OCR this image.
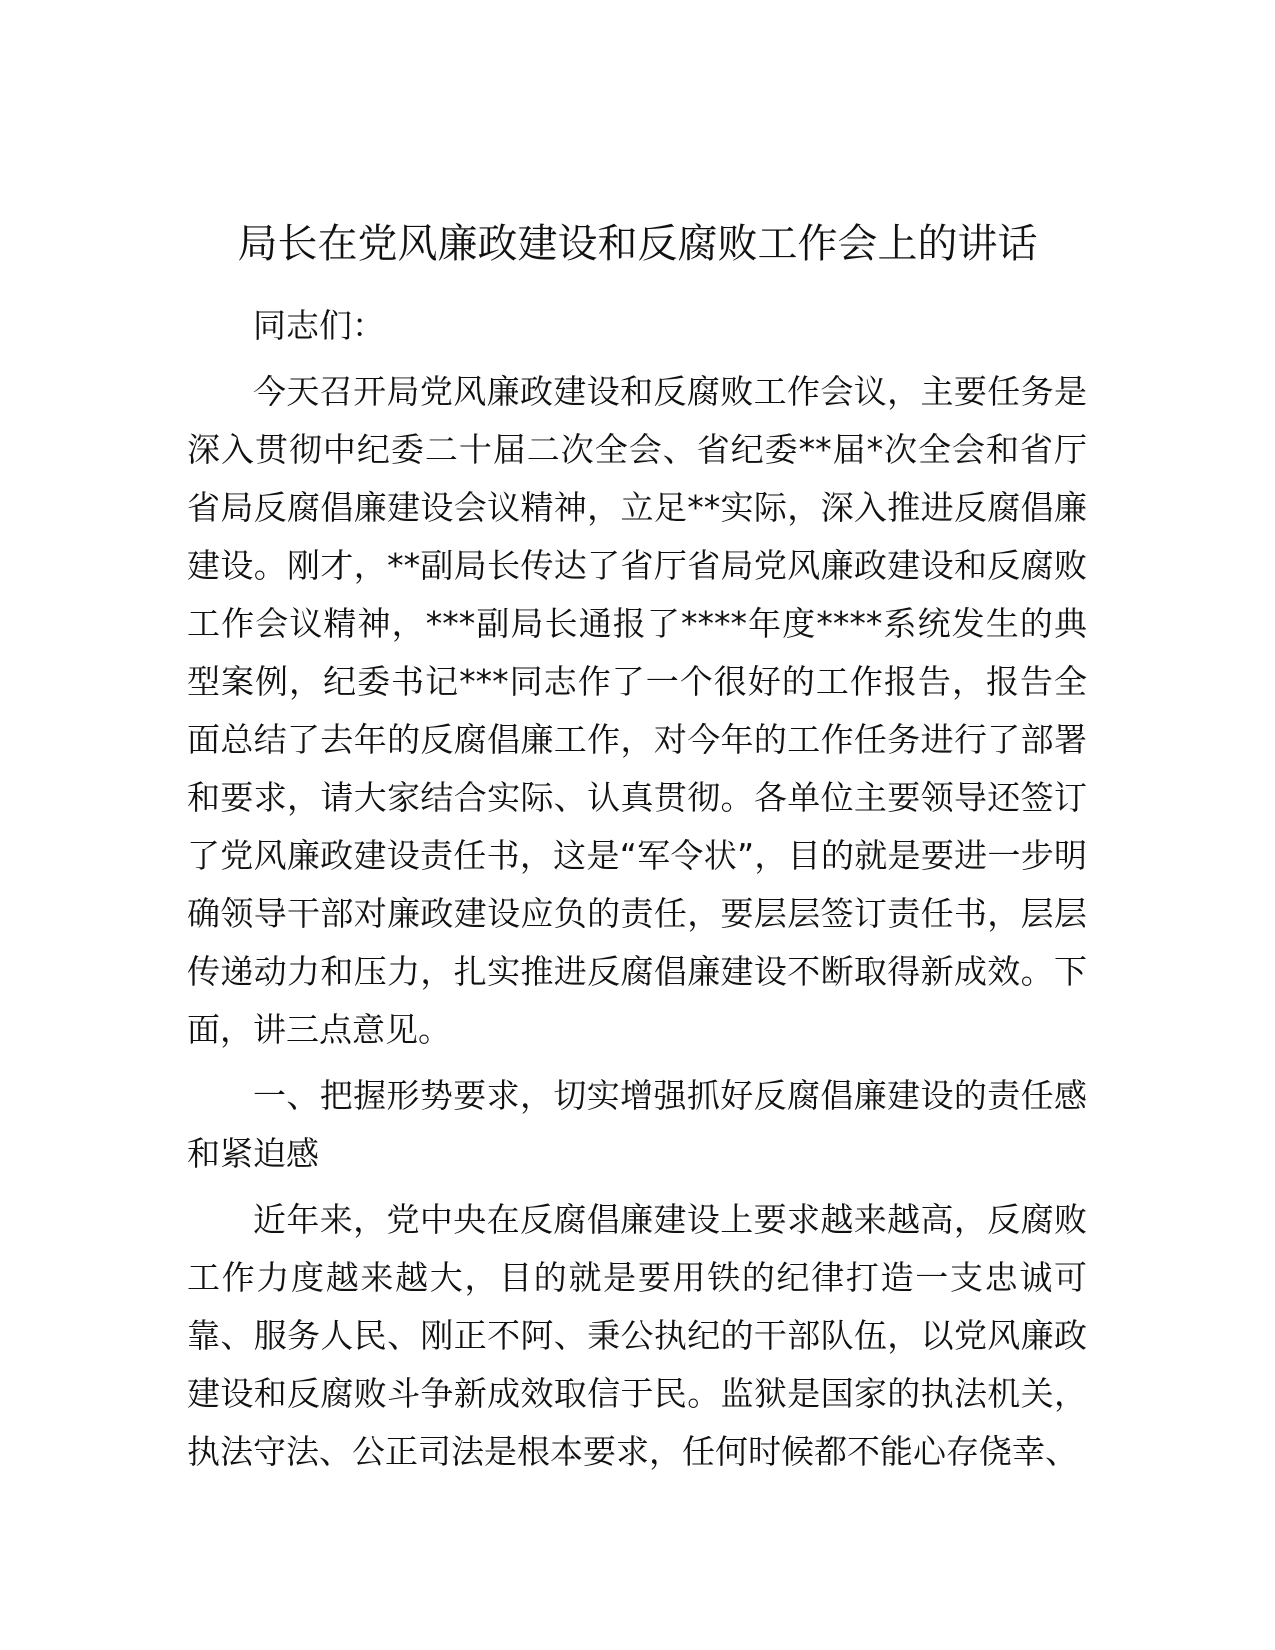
局长在党风廉政建设和反腐败工作会上的讲话

同志们：

今天召开局党风廉政建设和反腐败工作会议，主要任务是深入贯彻中纪委二十届二次全会、省纪委**届*次全会和省厅省局反腐倡廉建设会议精神，立足**实际，深入推进反腐倡廉建设。刚才，**副局长传达了省厅省局党风廉政建设和反腐败工作会议精神，***副局长通报了****年度****系统发生的典型案例，纪委书记***同志作了一个很好的工作报告，报告全面总结了去年的反腐倡廉工作，对今年的工作任务进行了部署和要求，请大家结合实际、认真贯彻。各单位主要领导还签订了党风廉政建设责任书，这是“军令状”，目的就是要进一步明确领导干部对廉政建设应负的责任，要层层签订责任书，层层传递动力和压力，扎实推进反腐倡廉建设不断取得新成效。下面，讲三点意见。

一、把握形势要求，切实增强抓好反腐倡廉建设的责任感和紧迫感

近年来，党中央在反腐倡廉建设上要求越来越高，反腐败工作力度越来越大，目的就是要用铁的纪律打造一支忠诚可靠、服务人民、刚正不阿、秉公执纪的干部队伍，以党风廉政建设和反腐败斗争新成效取信于民。监狱是国家的执法机关，执法守法、公正司法是根本要求，任何时候都不能心存侥幸、
